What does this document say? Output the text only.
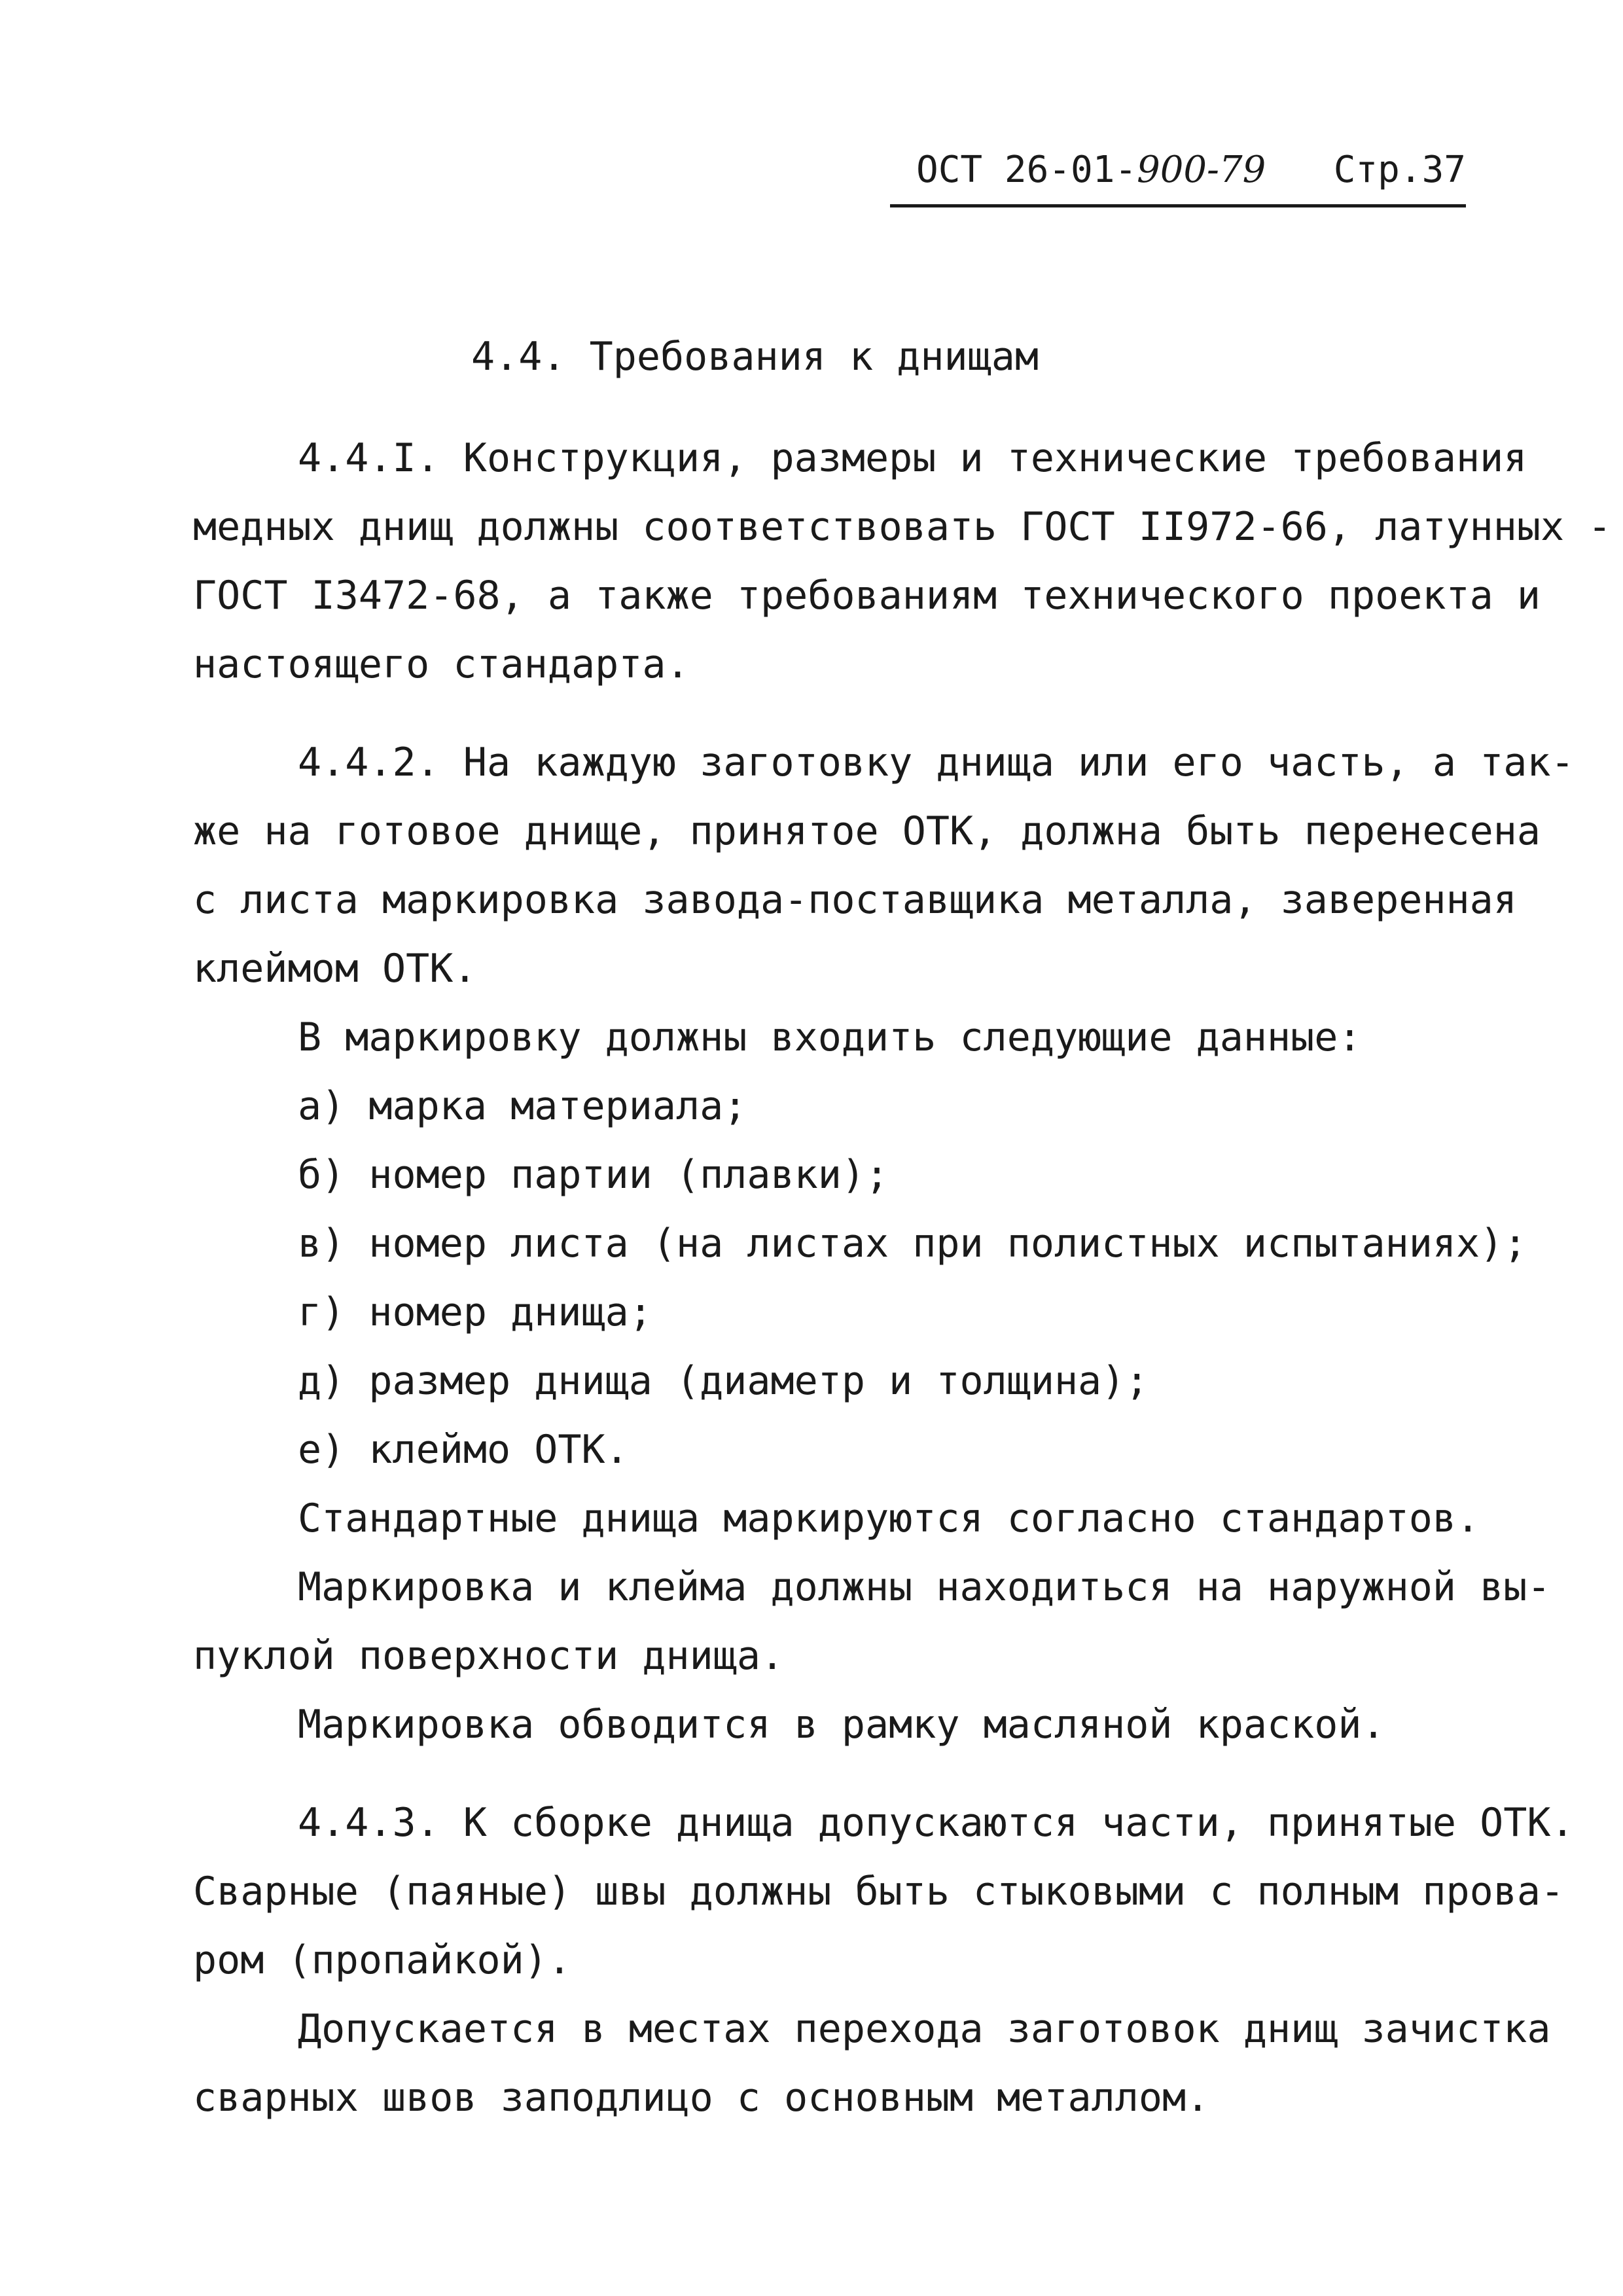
ОСТ 26-01-900-79 Стр.37
4.4. Требования к днищам
4.4.I. Конструкция, размеры и технические требования
медных днищ должны соответствовать ГОСТ II972-66, латунных -
ГОСТ I3472-68, а также требованиям технического проекта и
настоящего стандарта.
4.4.2. На каждую заготовку днища или его часть, а так-
же на готовое днище, принятое ОТК, должна быть перенесена
с листа маркировка завода-поставщика металла, заверенная
клеймом ОТК.
В маркировку должны входить следующие данные:
а) марка материала;
б) номер партии (плавки);
в) номер листа (на листах при полистных испытаниях);
г) номер днища;
д) размер днища (диаметр и толщина);
е) клеймо ОТК.
Стандартные днища маркируются согласно стандартов.
Маркировка и клейма должны находиться на наружной вы-
пуклой поверхности днища.
Маркировка обводится в рамку масляной краской.
4.4.3. К сборке днища допускаются части, принятые ОТК.
Сварные (паяные) швы должны быть стыковыми с полным прова-
ром (пропайкой).
Допускается в местах перехода заготовок днищ зачистка
сварных швов заподлицо с основным металлом.
